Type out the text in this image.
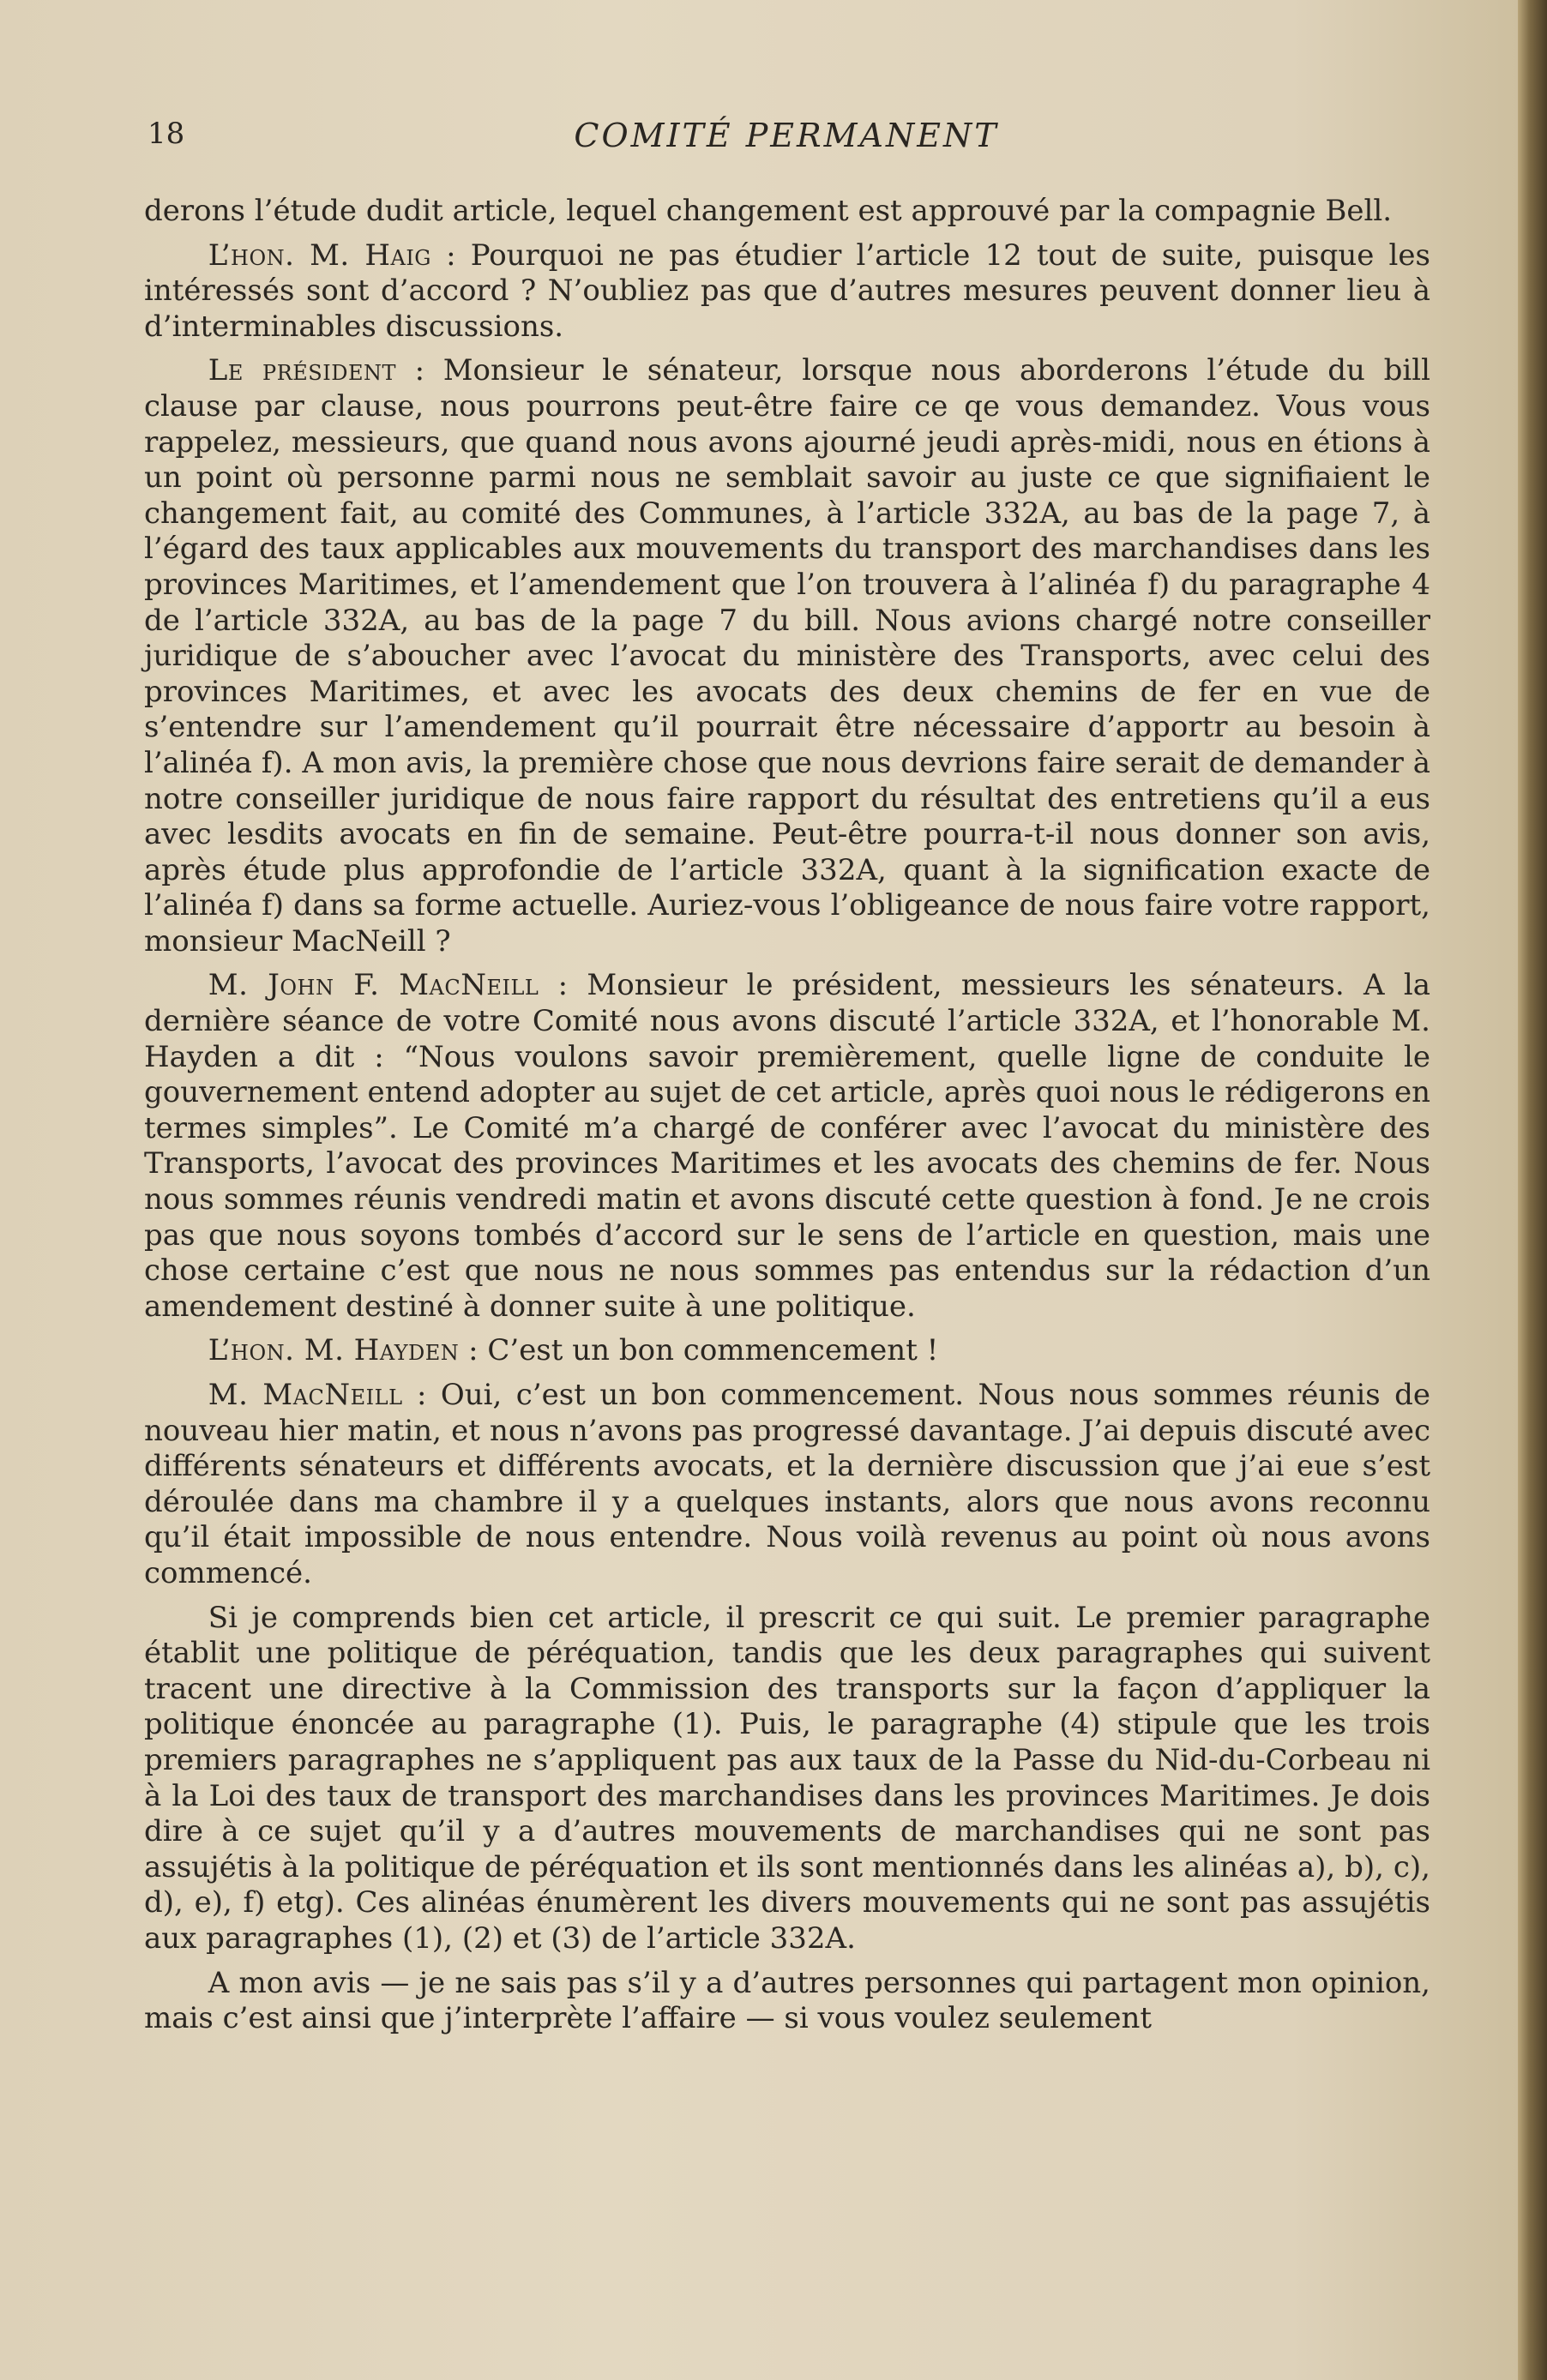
18	COMITÉ PERMANENT

derons l’étude dudit article, lequel changement est approuvé par la compagnie Bell.

L’hon. M. Haig : Pourquoi ne pas étudier l’article 12 tout de suite, puisque les intéressés sont d’accord ? N’oubliez pas que d’autres mesures peuvent donner lieu à d’interminables discussions.

Le président : Monsieur le sénateur, lorsque nous aborderons l’étude du bill clause par clause, nous pourrons peut-être faire ce qe vous demandez. Vous vous rappelez, messieurs, que quand nous avons ajourné jeudi après-midi, nous en étions à un point où personne parmi nous ne semblait savoir au juste ce que signifiaient le changement fait, au comité des Communes, à l’article 332A, au bas de la page 7, à l’égard des taux applicables aux mouvements du transport des marchandises dans les provinces Maritimes, et l’amendement que l’on trouvera à l’alinéa f) du paragraphe 4 de l’article 332A, au bas de la page 7 du bill. Nous avions chargé notre conseiller juridique de s’aboucher avec l’avocat du ministère des Transports, avec celui des provinces Maritimes, et avec les avocats des deux chemins de fer en vue de s’entendre sur l’amendement qu’il pourrait être nécessaire d’apportr au besoin à l’alinéa f). A mon avis, la première chose que nous devrions faire serait de demander à notre conseiller juridique de nous faire rapport du résultat des entretiens qu’il a eus avec lesdits avocats en fin de semaine. Peut-être pourra-t-il nous donner son avis, après étude plus approfondie de l’article 332A, quant à la signification exacte de l’alinéa f) dans sa forme actuelle. Auriez-vous l’obligeance de nous faire votre rapport, monsieur MacNeill ?

M. John F. MacNeill : Monsieur le président, messieurs les sénateurs. A la dernière séance de votre Comité nous avons discuté l’article 332A, et l’honorable M. Hayden a dit : “Nous voulons savoir premièrement, quelle ligne de conduite le gouvernement entend adopter au sujet de cet article, après quoi nous le rédigerons en termes simples”. Le Comité m’a chargé de conférer avec l’avocat du ministère des Transports, l’avocat des provinces Maritimes et les avocats des chemins de fer. Nous nous sommes réunis vendredi matin et avons discuté cette question à fond. Je ne crois pas que nous soyons tombés d’accord sur le sens de l’article en question, mais une chose certaine c’est que nous ne nous sommes pas entendus sur la rédaction d’un amendement destiné à donner suite à une politique.

L’hon. M. Hayden : C’est un bon commencement !

M. MacNeill : Oui, c’est un bon commencement. Nous nous sommes réunis de nouveau hier matin, et nous n’avons pas progressé davantage. J’ai depuis discuté avec différents sénateurs et différents avocats, et la dernière discussion que j’ai eue s’est déroulée dans ma chambre il y a quelques instants, alors que nous avons reconnu qu’il était impossible de nous entendre. Nous voilà revenus au point où nous avons commencé.

Si je comprends bien cet article, il prescrit ce qui suit. Le premier paragraphe établit une politique de péréquation, tandis que les deux paragraphes qui suivent tracent une directive à la Commission des transports sur la façon d’appliquer la politique énoncée au paragraphe (1). Puis, le paragraphe (4) stipule que les trois premiers paragraphes ne s’appliquent pas aux taux de la Passe du Nid-du-Corbeau ni à la Loi des taux de transport des marchandises dans les provinces Maritimes. Je dois dire à ce sujet qu’il y a d’autres mouvements de marchandises qui ne sont pas assujétis à la politique de péréquation et ils sont mentionnés dans les alinéas a), b), c), d), e), f) etg). Ces alinéas énumèrent les divers mouvements qui ne sont pas assujétis aux paragraphes (1), (2) et (3) de l’article 332A.

A mon avis — je ne sais pas s’il y a d’autres personnes qui partagent mon opinion, mais c’est ainsi que j’interprète l’affaire — si vous voulez seulement
